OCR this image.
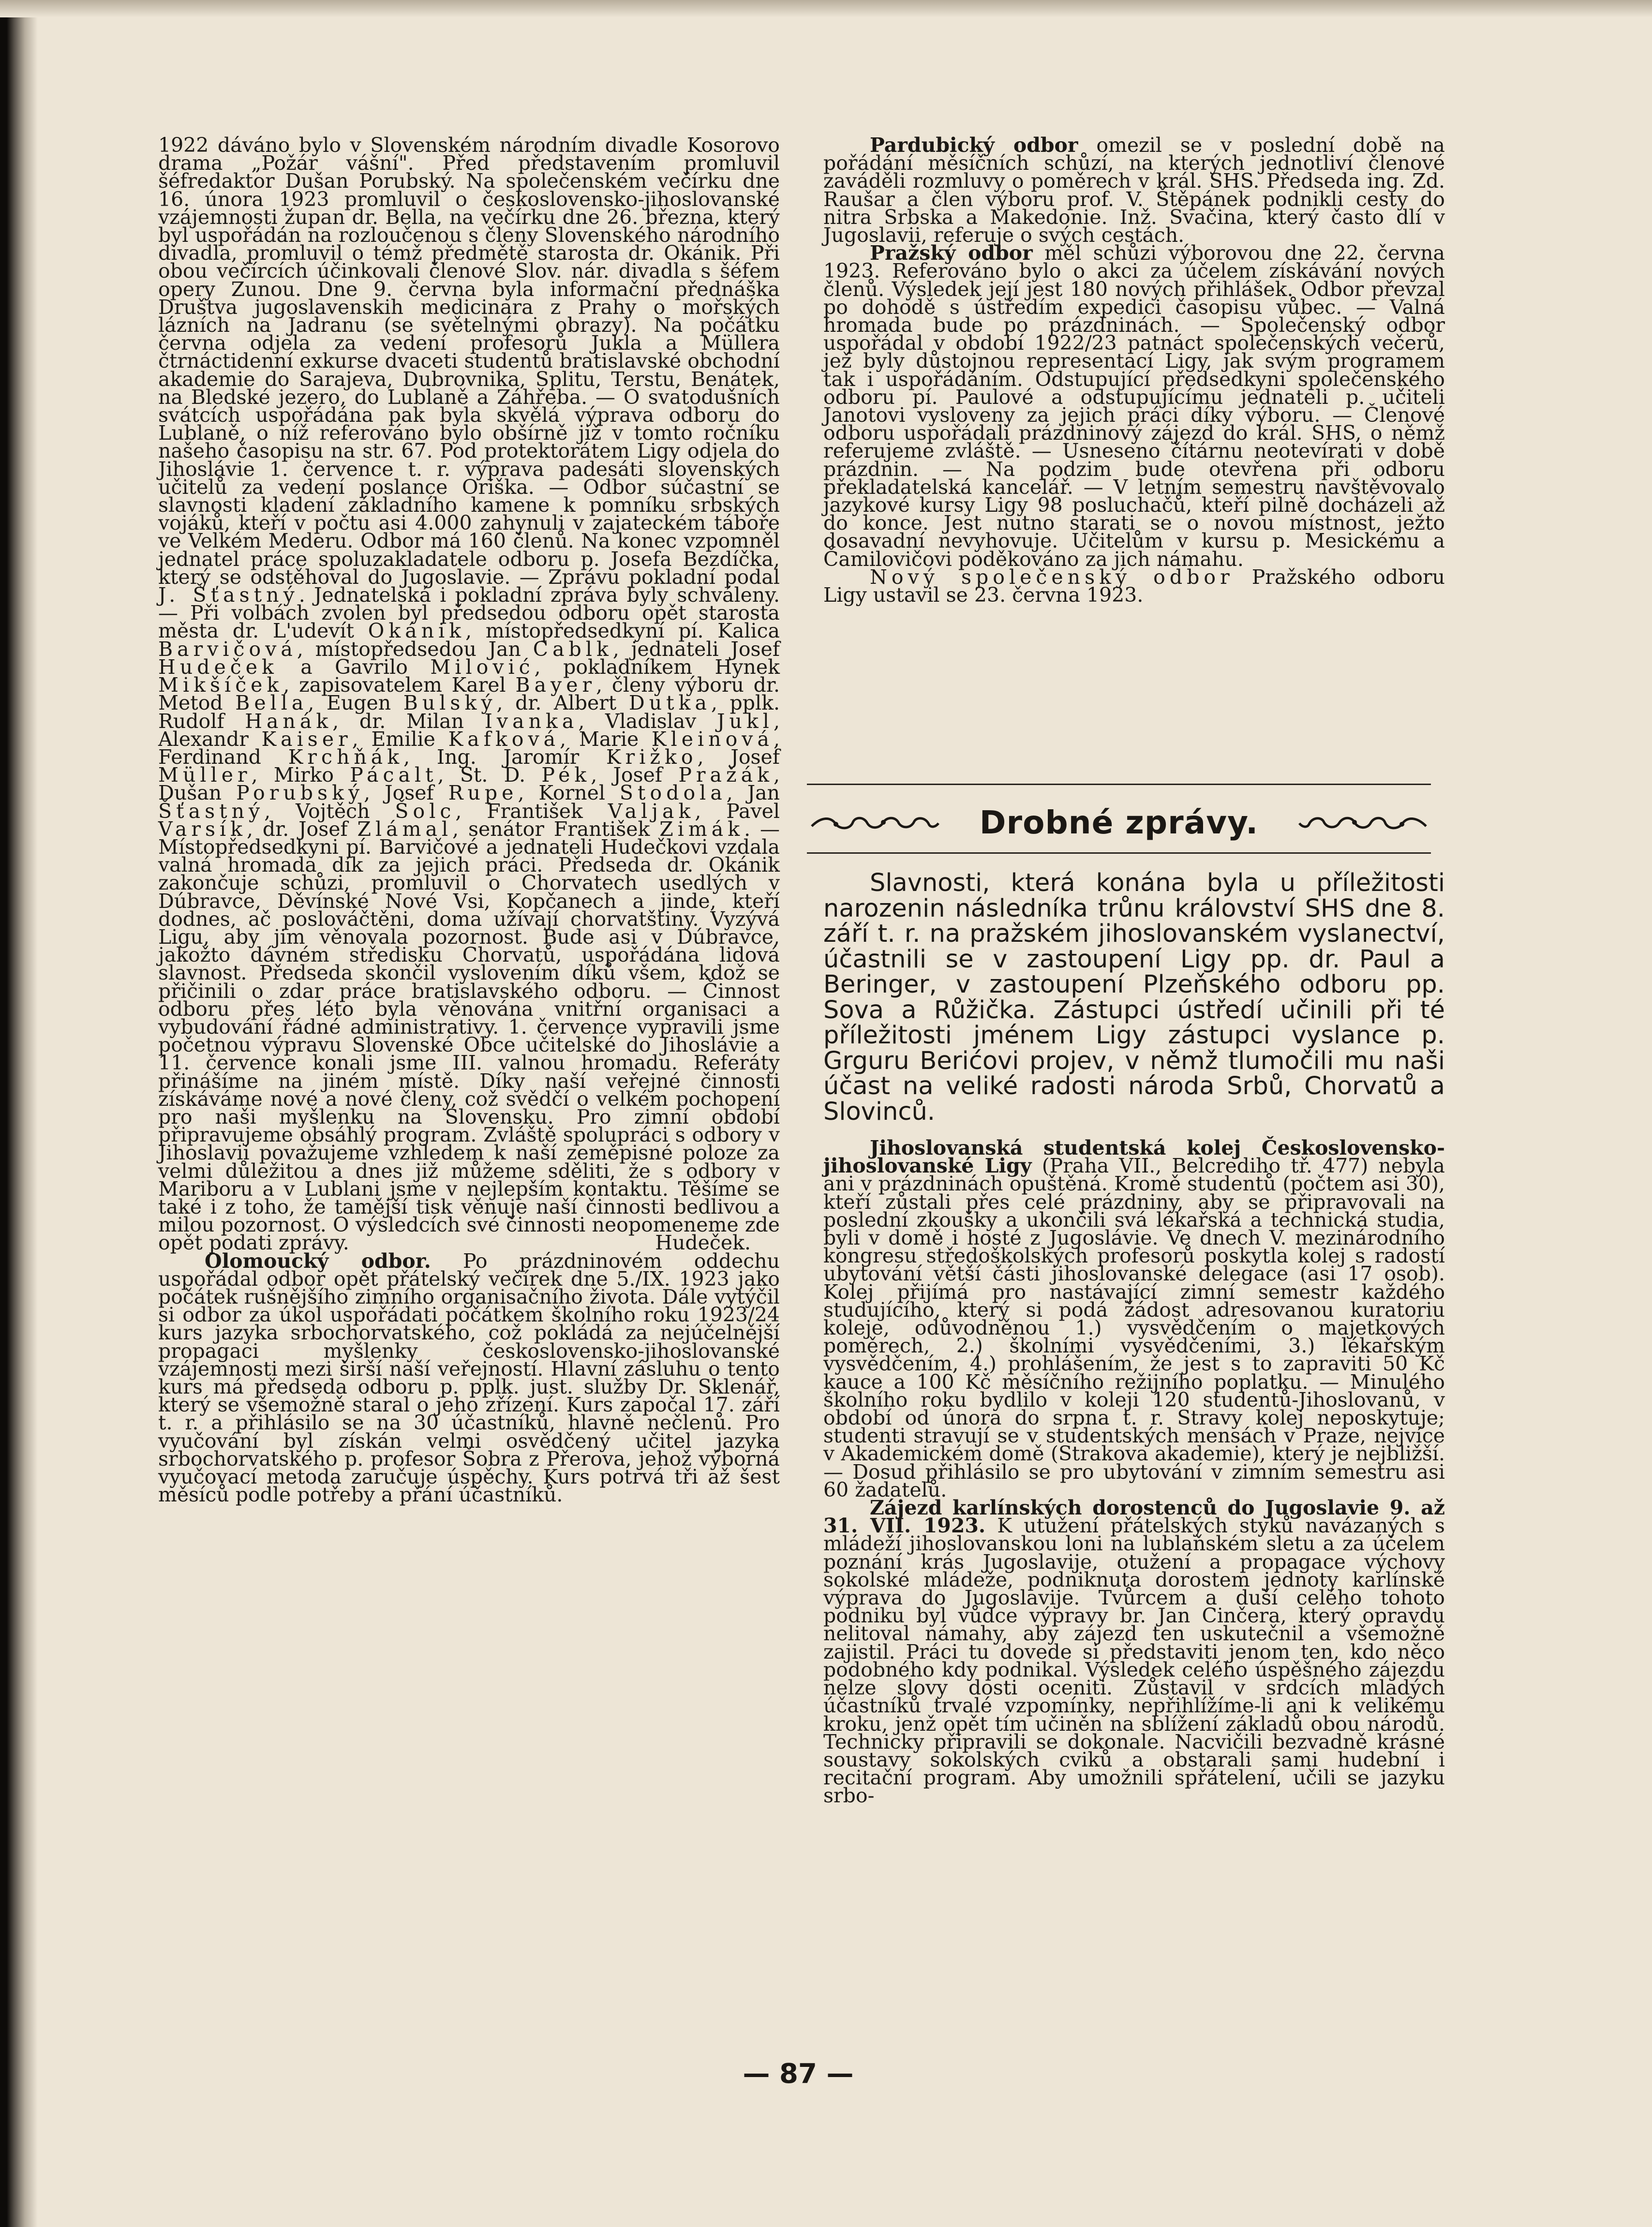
1922 dáváno bylo v Slovenském národním divadle Kosorovo drama „Požár vášní". Před představením promluvil šéfredaktor Dušan Porubský. Na společenském večírku dne 16. února 1923 promluvil o československo-jihoslovanské vzájemnosti župan dr. Bella, na večírku dne 26. března, který byl uspořádán na rozloučenou s členy Slovenského národního divadla, promluvil o témž předmětě starosta dr. Okánik. Při obou večírcích účinkovali členové Slov. nár. divadla s šéfem opery Zunou. Dne 9. června byla informační přednáška Društva jugoslavenskih medicinara z Prahy o mořských lázních na Jadranu (se světelnými obrazy). Na počátku června odjela za vedení profesorů Jukla a Müllera čtrnáctidenní exkurse dvaceti studentů bratislavské obchodní akademie do Sarajeva, Dubrovnika, Splitu, Terstu, Benátek, na Bledské jezero, do Lublaně a Záhřeba. — O svatodušních svátcích uspořádána pak byla skvělá výprava odboru do Lublaně, o níž referováno bylo obšírně již v tomto ročníku našeho časopisu na str. 67. Pod protektorátem Ligy odjela do Jihoslávie 1. července t. r. výprava padesáti slovenských učitelů za vedení poslance Oriška. — Odbor súčastní se slavnosti kladení základního kamene k pomníku srbských vojáků, kteří v počtu asi 4.000 zahynuli v zajateckém táboře ve Velkém Mederu. Odbor má 160 členů. Na konec vzpomněl jednatel práce spoluzakladatele odboru p. Josefa Bezdíčka, který se odstěhoval do Jugoslavie. — Zprávu pokladní podal J. Šťastný. Jednatelská i pokladní zpráva byly schváleny. — Při volbách zvolen byl předsedou odboru opět starosta města dr. L'udevít Okánik, místopředsedkyní pí. Kalica Barvičová, místopředsedou Jan Cablk, jednateli Josef Hudeček a Gavrilo Milović, pokladníkem Hynek Mikšíček, zapisovatelem Karel Bayer, členy výboru dr. Metod Bella, Eugen Bulský, dr. Albert Dutka, pplk. Rudolf Hanák, dr. Milan Ivanka, Vladislav Jukl, Alexandr Kaiser, Emilie Kafková, Marie Kleinová, Ferdinand Krchňák, Ing. Jaromír Križko, Josef Müller, Mirko Pácalt, St. D. Pék, Josef Pražák, Dušan Porubský, Josef Rupe, Kornel Stodola, Jan Šťastný, Vojtěch Šolc, František Valjak, Pavel Varsík, dr. Josef Zlámal, senátor František Zimák. — Místopředsedkyni pí. Barvičové a jednateli Hudečkovi vzdala valná hromada dík za jejich práci. Předseda dr. Okánik zakončuje schůzi, promluvil o Chorvatech usedlých v Dúbravce, Děvínské Nové Vsi, Kopčanech a jinde, kteří dodnes, ač poslováčtěni, doma užívají chorvatštiny. Vyzývá Ligu, aby jim věnovala pozornost. Bude asi v Dúbravce, jakožto dávném středisku Chorvatů, uspořádána lidová slavnost. Předseda skončil vyslovením díků všem, kdož se přičinili o zdar práce bratislavského odboru. — Činnost odboru přes léto byla věnována vnitřní organisaci a vybudování řádné administrativy. 1. července vypravili jsme početnou výpravu Slovenské Obce učitelské do Jihoslávie a 11. července konali jsme III. valnou hromadu. Referáty přinášíme na jiném místě. Díky naší veřejné činnosti získáváme nové a nové členy, což svědčí o velkém pochopení pro naši myšlenku na Slovensku. Pro zimní období připravujeme obsáhlý program. Zvláště spolupráci s odbory v Jihoslavii považujeme vzhledem k naší zeměpisné poloze za velmi důležitou a dnes již můžeme sděliti, že s odbory v Mariboru a v Lublani jsme v nejlepším kontaktu. Těšíme se také i z toho, že tamější tisk věnuje naší činnosti bedlivou a milou pozornost. O výsledcích své činnosti neopomeneme zde opět podati zprávy.	Hudeček.

Olomoucký odbor. Po prázdninovém oddechu uspořádal odbor opět přátelský večírek dne 5./IX. 1923 jako počátek rušnějšího zimního organisačního života. Dále vytýčil si odbor za úkol uspořádati počátkem školního roku 1923/24 kurs jazyka srbochorvatského, což pokládá za nejúčelnější propagaci myšlenky československo-jihoslovanské vzájemnosti mezi širší naší veřejností. Hlavní zásluhu o tento kurs má předseda odboru p. pplk. just. služby Dr. Sklenář, který se všemožně staral o jeho zřízení. Kurs započal 17. září t. r. a přihlásilo se na 30 účastníků, hlavně nečlenů. Pro vyučování byl získán velmi osvědčený učitel jazyka srbochorvatského p. profesor Šobra z Přerova, jehož výborná vyučovací metoda zaručuje úspěchy. Kurs potrvá tři až šest měsíců podle potřeby a přání účastníků.

Pardubický odbor omezil se v poslední době na pořádání měsíčních schůzí, na kterých jednotliví členové zaváděli rozmluvy o poměrech v král. SHS. Předseda ing. Zd. Raušar a člen výboru prof. V. Štěpánek podnikli cesty do nitra Srbska a Makedonie. Inž. Svačina, který často dlí v Jugoslavii, referuje o svých cestách.

Pražský odbor měl schůzi výborovou dne 22. června 1923. Referováno bylo o akci za účelem získávání nových členů. Výsledek její jest 180 nových přihlášek. Odbor převzal po dohodě s ústředím expedici časopisu vůbec. — Valná hromada bude po prázdninách. — Společenský odbor uspořádal v období 1922/23 patnáct společenských večerů, jež byly důstojnou representací Ligy, jak svým programem tak i uspořádáním. Odstupující předsedkyni společenského odboru pí. Paulové a odstupujícímu jednateli p. učiteli Janotovi vysloveny za jejich práci díky výboru. — Členové odboru uspořádali prázdninový zájezd do král. SHS, o němž referujeme zvláště. — Usneseno čítárnu neotevírati v době prázdnin. — Na podzim bude otevřena při odboru překladatelská kancelář. — V letním semestru navštěvovalo jazykové kursy Ligy 98 posluchačů, kteří pilně docházeli až do konce. Jest nutno starati se o novou místnost, ježto dosavadní nevyhovuje. Učitelům v kursu p. Mesickému a Čamilovičovi poděkováno za jich námahu.

Nový společenský odbor Pražského odboru Ligy ustavil se 23. června 1923.

Drobné zprávy.

Slavnosti, která konána byla u příležitosti narozenin následníka trůnu království SHS dne 8. září t. r. na pražském jihoslovanském vyslanectví, účastnili se v zastoupení Ligy pp. dr. Paul a Beringer, v zastoupení Plzeňského odboru pp. Sova a Růžička. Zástupci ústředí učinili při té příležitosti jménem Ligy zástupci vyslance p. Grguru Berićovi projev, v němž tlumočili mu naši účast na veliké radosti národa Srbů, Chorvatů a Slovinců.

Jihoslovanská studentská kolej Československo-jihoslovanské Ligy (Praha VII., Belcrediho tř. 477) nebyla ani v prázdninách opuštěná. Kromě studentů (počtem asi 30), kteří zůstali přes celé prázdniny, aby se připravovali na poslední zkoušky a ukončili svá lékařská a technická studia, byli v domě i hosté z Jugoslávie. Ve dnech V. mezinárodního kongresu středoškolských profesorů poskytla kolej s radostí ubytování větší části jihoslovanské delegace (asi 17 osob). Kolej přijímá pro nastávající zimní semestr každého studujícího, který si podá žádost adresovanou kuratoriu koleje, odůvodněnou 1.) vysvědčením o majetkových poměrech, 2.) školními vysvědčeními, 3.) lékařským vysvědčením, 4.) prohlášením, že jest s to zapraviti 50 Kč kauce a 100 Kč měsíčního režijního poplatku. — Minulého školního roku bydlilo v koleji 120 studentů-Jihoslovanů, v období od února do srpna t. r. Stravy kolej neposkytuje; studenti stravují se v studentských mensách v Praze, nejvíce v Akademickém domě (Strakova akademie), který je nejbližší. — Dosud přihlásilo se pro ubytování v zimním semestru asi 60 žadatelů.

Zájezd karlínských dorostenců do Jugoslavie 9. až 31. VII. 1923. K utužení přátelských styků navázaných s mládeží jihoslovanskou loni na lublaňském sletu a za účelem poznání krás Jugoslavije, otužení a propagace výchovy sokolské mládeže, podniknuta dorostem jednoty karlínské výprava do Jugoslavije. Tvůrcem a duší celého tohoto podniku byl vůdce výpravy br. Jan Cinčera, který opravdu nelitoval námahy, aby zájezd ten uskutečnil a všemožně zajistil. Práci tu dovede si představiti jenom ten, kdo něco podobného kdy podnikal. Výsledek celého úspěšného zájezdu nelze slovy dosti oceniti. Zůstavil v srdcích mladých účastníků trvalé vzpomínky, nepřihlížíme-li ani k velikému kroku, jenž opět tím učiněn na sblížení základů obou národů. Technicky připravili se dokonale. Nacvičili bezvadně krásné soustavy sokolských cviků a obstarali sami hudební i recitační program. Aby umožnili spřátelení, učili se jazyku srbo-

— 87 —
